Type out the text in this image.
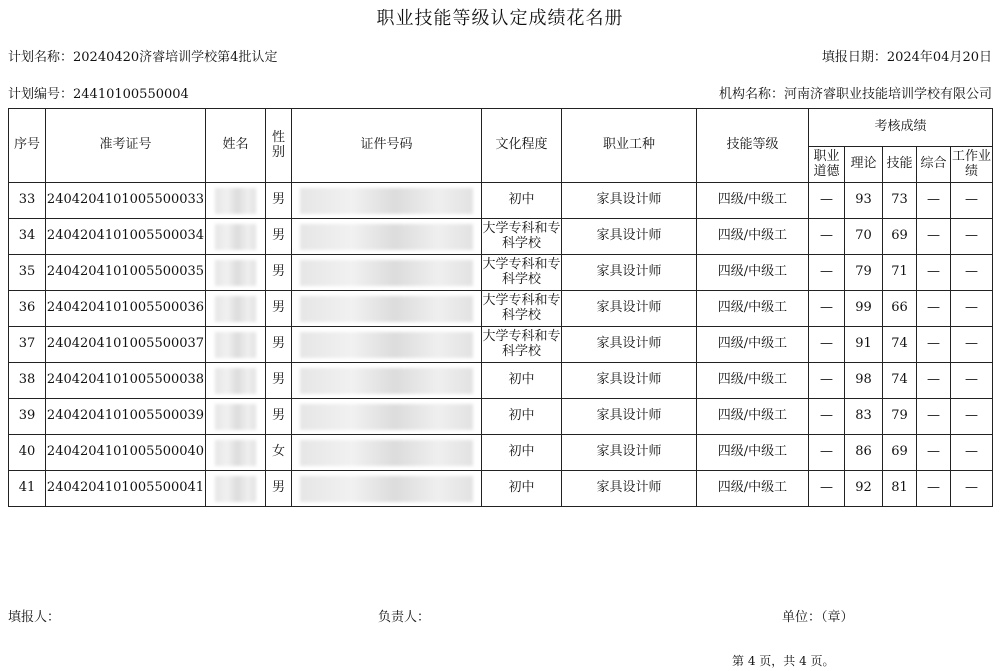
职业技能等级认定成绩花名册
计划名称：20240420济睿培训学校第4批认定	填报日期：2024年04月20日
计划编号：24410100550004	机构名称：河南济睿职业技能培训学校有限公司
序号	准考证号	姓名	性别	证件号码	文化程度	职业工种	技能等级	考核成绩				
								职业道德	理论	技能	综合	工作业绩
33	2404204101005500033		男		初中	家具设计师	四级/中级工	—	93	73	—	—
34	2404204101005500034		男		大学专科和专科学校	家具设计师	四级/中级工	—	70	69	—	—
35	2404204101005500035		男		大学专科和专科学校	家具设计师	四级/中级工	—	79	71	—	—
36	2404204101005500036		男		大学专科和专科学校	家具设计师	四级/中级工	—	99	66	—	—
37	2404204101005500037		男		大学专科和专科学校	家具设计师	四级/中级工	—	91	74	—	—
38	2404204101005500038		男		初中	家具设计师	四级/中级工	—	98	74	—	—
39	2404204101005500039		男		初中	家具设计师	四级/中级工	—	83	79	—	—
40	2404204101005500040		女		初中	家具设计师	四级/中级工	—	86	69	—	—
41	2404204101005500041		男		初中	家具设计师	四级/中级工	—	92	81	—	—
填报人：	负责人：	单位：（章）
第 4 页，共 4 页。
